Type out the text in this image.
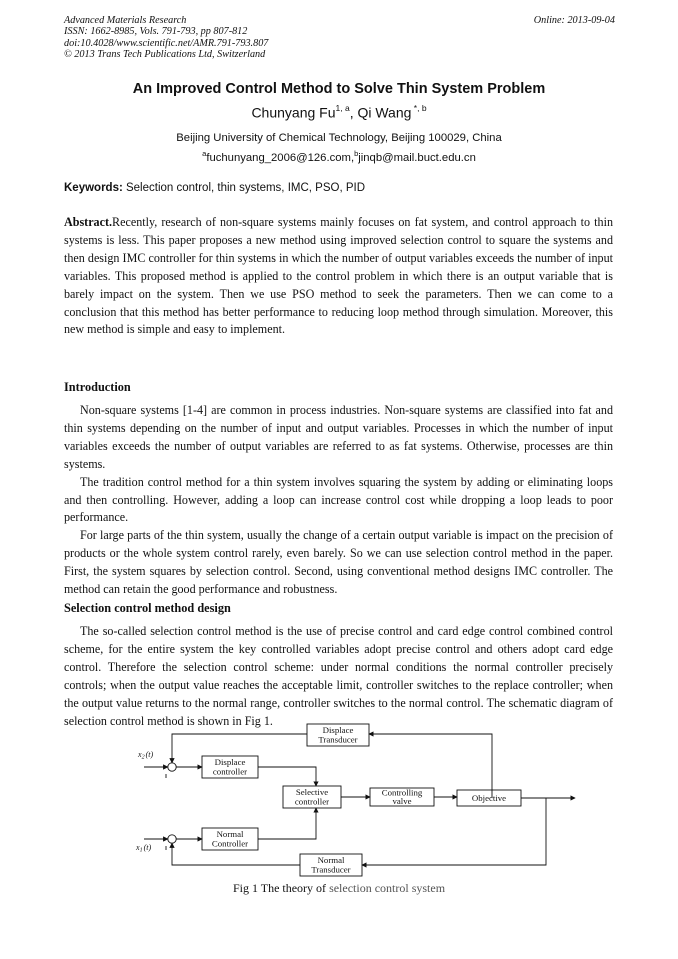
Advanced Materials Research
ISSN: 1662-8985, Vols. 791-793, pp 807-812
doi:10.4028/www.scientific.net/AMR.791-793.807
© 2013 Trans Tech Publications Ltd, Switzerland
Online: 2013-09-04
An Improved Control Method to Solve Thin System Problem
Chunyang Fu$^{1, a}$, Qi Wang $^{*, b}$
Beijing University of Chemical Technology, Beijing 100029, China
$^a$fuchunyang_2006@126.com,$^b$jinqb@mail.buct.edu.cn
Keywords: Selection control, thin systems, IMC, PSO, PID

Abstract.Recently, research of non-square systems mainly focuses on fat system, and control approach to thin systems is less. This paper proposes a new method using improved selection control to square the systems and then design IMC controller for thin systems in which the number of output variables exceeds the number of input variables. This proposed method is applied to the control problem in which there is an output variable that is barely impact on the system. Then we use PSO method to seek the parameters. Then we can come to a conclusion that this method has better performance to reducing loop method through simulation. Moreover, this new method is simple and easy to implement.

Introduction

Non-square systems [1-4] are common in process industries. Non-square systems are classified into fat and thin systems depending on the number of input and output variables. Processes in which the number of input variables exceeds the number of output variables are referred to as fat systems. Otherwise, processes are thin systems.

The tradition control method for a thin system involves squaring the system by adding or eliminating loops and then controlling. However, adding a loop can increase control cost while dropping a loop leads to poor performance.

For large parts of the thin system, usually the change of a certain output variable is impact on the precision of products or the whole system control rarely, even barely. So we can use selection control method in the paper. First, the system squares by selection control. Second, using conventional method designs IMC controller. The method can retain the good performance and robustness.

Selection control method design

The so-called selection control method is the use of precise control and card edge control combined control scheme, for the entire system the key controlled variables adopt precise control and others adopt card edge control. Therefore the selection control scheme: under normal conditions the normal controller precisely controls; when the output value reaches the acceptable limit, controller switches to the replace controller; when the output value returns to the normal range, controller switches to the normal control. The schematic diagram of selection control method is shown in Fig 1.

Displace
Transducer
Displace
controller
Selective
controller
Controlling
valve	Objective
Normal
Controller
Normal
Transducer
x2(t)
x1(t)
Fig 1 The theory of selection control system
